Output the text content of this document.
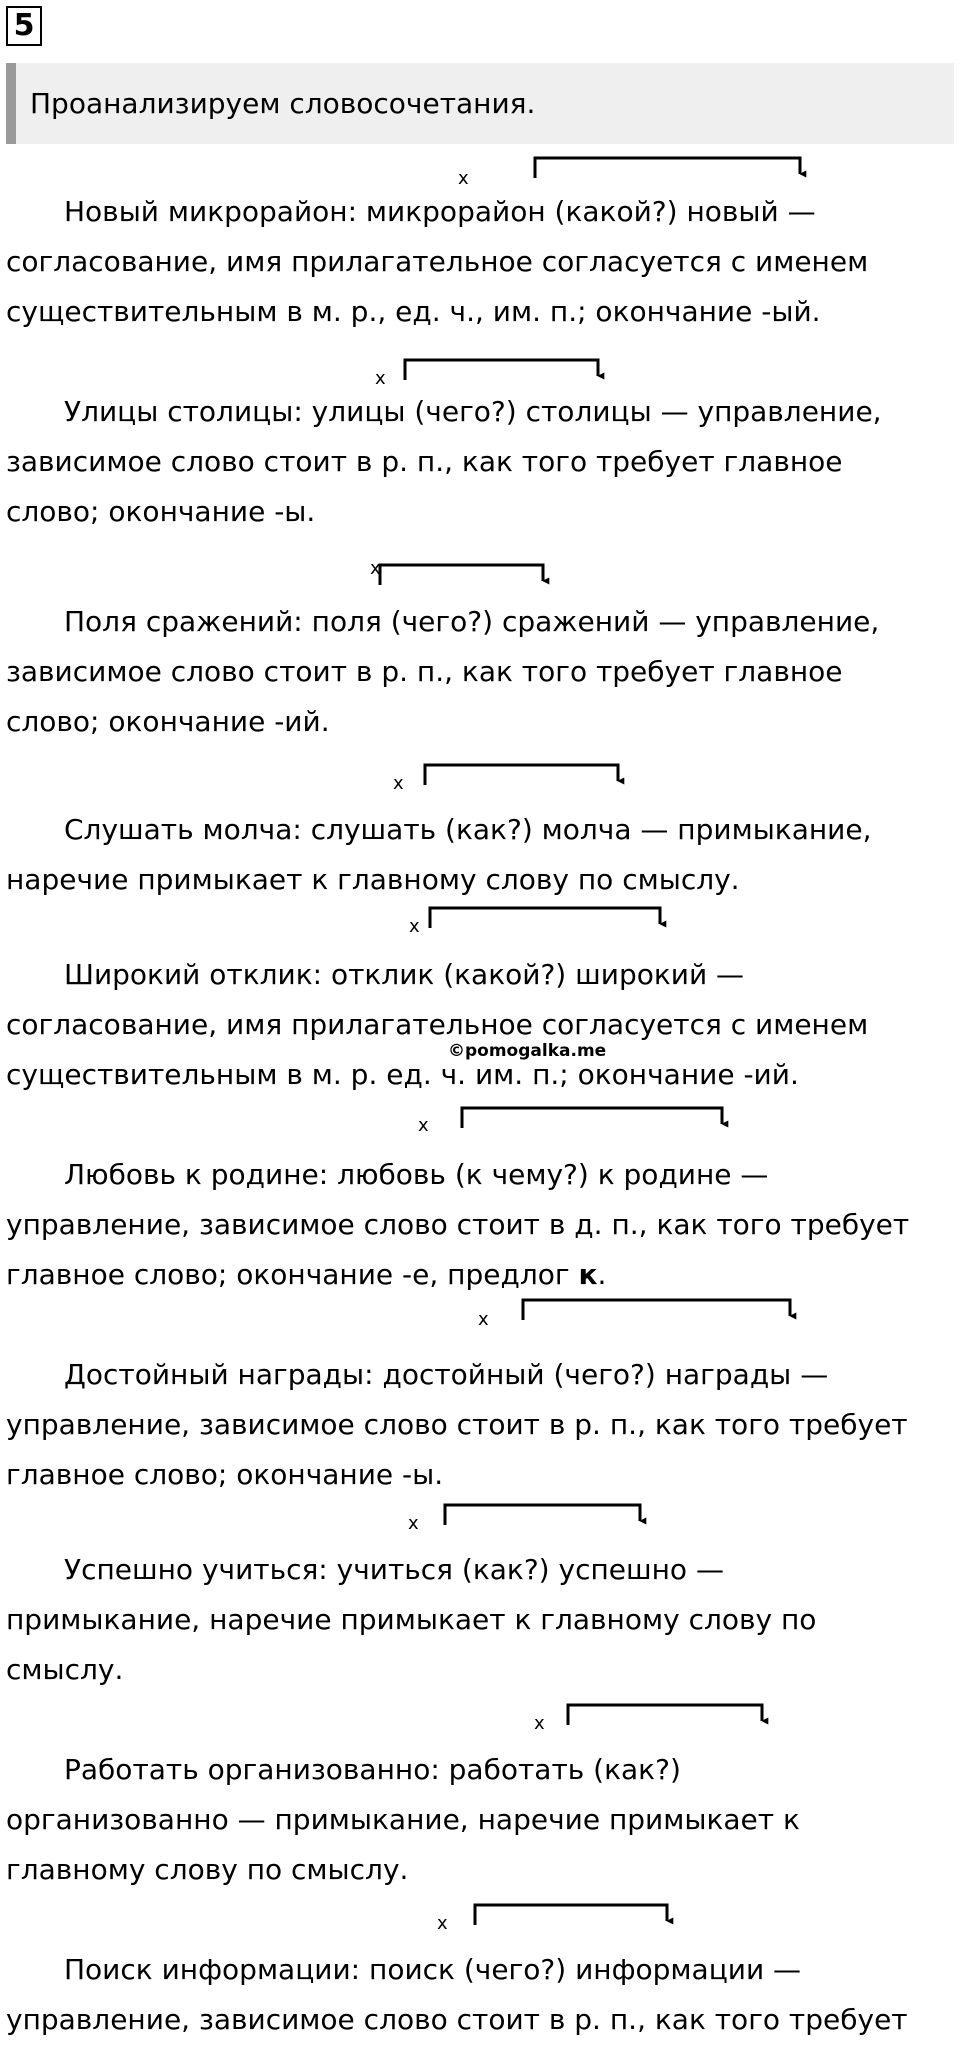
5
Проанализируем словосочетания.
Новый микрорайон: микрорайон (какой?) новый —
согласование, имя прилагательное согласуется с именем
существительным в м. р., ед. ч., им. п.; окончание -ый.
Улицы столицы: улицы (чего?) столицы — управление,
зависимое слово стоит в р. п., как того требует главное
слово; окончание -ы.
Поля сражений: поля (чего?) сражений — управление,
зависимое слово стоит в р. п., как того требует главное
слово; окончание -ий.
Слушать молча: слушать (как?) молча — примыкание,
наречие примыкает к главному слову по смыслу.
Широкий отклик: отклик (какой?) широкий —
согласование, имя прилагательное согласуется с именем
существительным в м. р. ед. ч. им. п.; окончание -ий.
Любовь к родине: любовь (к чему?) к родине —
управление, зависимое слово стоит в д. п., как того требует
главное слово; окончание -е, предлог к.
Достойный награды: достойный (чего?) награды —
управление, зависимое слово стоит в р. п., как того требует
главное слово; окончание -ы.
Успешно учиться: учиться (как?) успешно —
примыкание, наречие примыкает к главному слову по
смыслу.
Работать организованно: работать (как?)
организованно — примыкание, наречие примыкает к
главному слову по смыслу.
Поиск информации: поиск (чего?) информации —
управление, зависимое слово стоит в р. п., как того требует
©pomogalka.me
x
x
x
x
x
x
x
x
x
x
